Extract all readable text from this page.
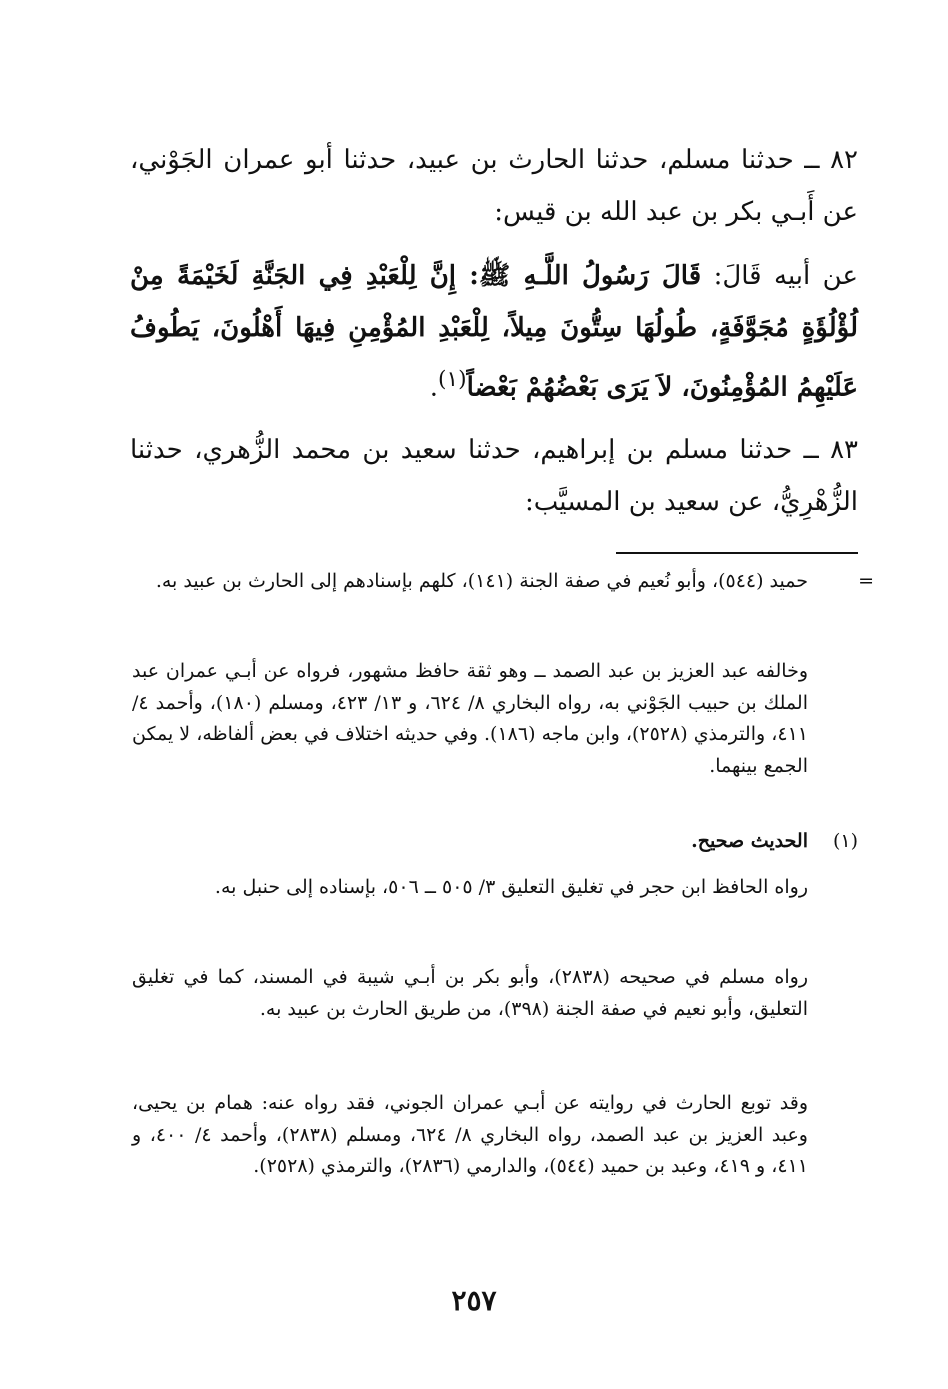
٨٢ ــ حدثنا مسلم، حدثنا الحارث بن عبيد، حدثنا أبو عمران الجَوْني، عن أَبـي بكر بن عبد الله بن قيس:

عن أبيه قَالَ: قَالَ رَسُولُ اللَّـهِ ﷺ: إِنَّ لِلْعَبْدِ فِي الجَنَّةِ لَخَيْمَةً مِنْ لُؤْلُؤَةٍ مُجَوَّفَةٍ، طُولُهَا سِتُّونَ مِيلاً، لِلْعَبْدِ المُؤْمِنِ فِيهَا أَهْلُونَ، يَطُوفُ عَلَيْهِمُ المُؤْمِنُونَ، لاَ يَرَى بَعْضُهُمْ بَعْضاً$^{(١)}$.

٨٣ ــ حدثنا مسلم بن إبراهيم، حدثنا سعيد بن محمد الزُّهري، حدثنا الزُّهْرِيُّ، عن سعيد بن المسيَّب:

=

حميد (٥٤٤)، وأبو نُعيم في صفة الجنة (١٤١)، كلهم بإسنادهم إلى الحارث بن عبيد به.

وخالفه عبد العزيز بن عبد الصمد ــ وهو ثقة حافظ مشهور، فرواه عن أبـي عمران عبد الملك بن حبيب الجَوْني به، رواه البخاري ٨/ ٦٢٤، و ١٣/ ٤٢٣، ومسلم (١٨٠)، وأحمد ٤/ ٤١١، والترمذي (٢٥٢٨)، وابن ماجه (١٨٦). وفي حديثه اختلاف في بعض ألفاظه، لا يمكن الجمع بينهما.

(١)

الحديث صحيح.

رواه الحافظ ابن حجر في تغليق التعليق ٣/ ٥٠٥ ــ ٥٠٦، بإسناده إلى حنبل به.

رواه مسلم في صحيحه (٢٨٣٨)، وأبو بكر بن أبـي شيبة في المسند، كما في تغليق التعليق، وأبو نعيم في صفة الجنة (٣٩٨)، من طريق الحارث بن عبيد به.

وقد توبع الحارث في روايته عن أبـي عمران الجوني، فقد رواه عنه: همام بن يحيى، وعبد العزيز بن عبد الصمد، رواه البخاري ٨/ ٦٢٤، ومسلم (٢٨٣٨)، وأحمد ٤/ ٤٠٠، و ٤١١، و ٤١٩، وعبد بن حميد (٥٤٤)، والدارمي (٢٨٣٦)، والترمذي (٢٥٢٨).

٢٥٧
